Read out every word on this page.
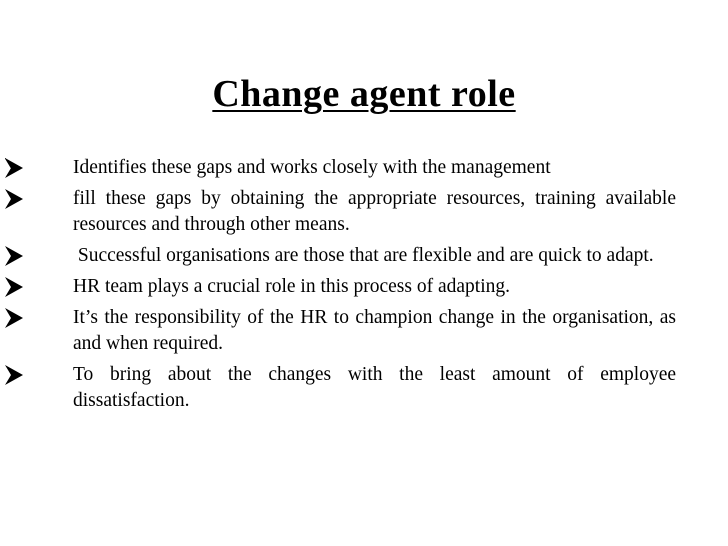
Change agent role
Identifies these gaps and works closely with the management
fill these gaps by obtaining the appropriate resources, training available resources and through other means.
Successful organisations are those that are flexible and are quick to adapt.
HR team plays a crucial role in this process of adapting.
It’s the responsibility of the HR to champion change in the organisation, as and when required.
To bring about the changes with the least amount of employee dissatisfaction.
